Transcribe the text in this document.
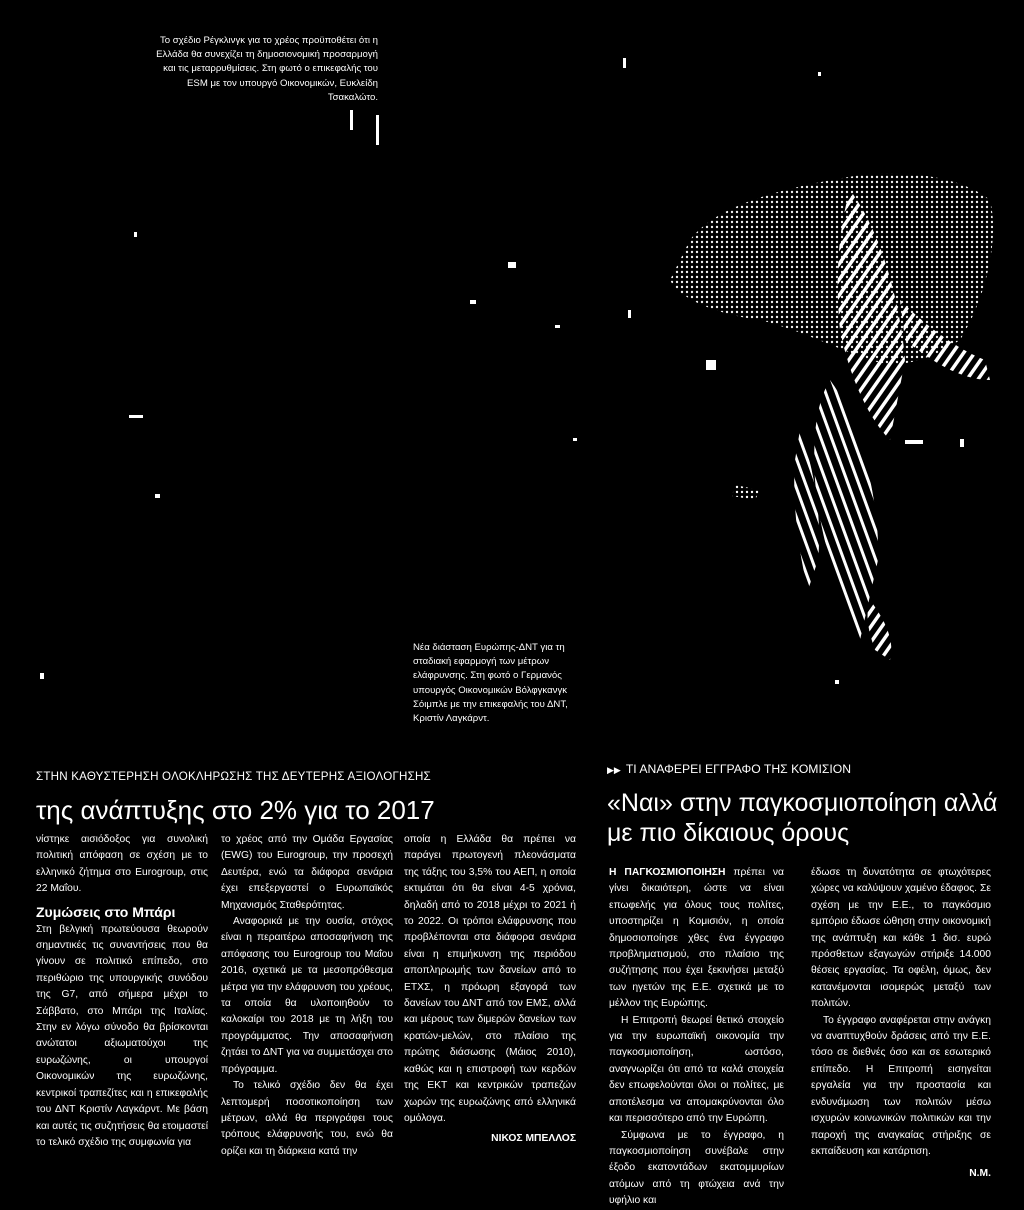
Το σχέδιο Ρέγκλινγκ για το χρέος προϋποθέτει ότι η Ελλάδα θα συνεχίζει τη δημοσιονομική προσαρμογή και τις μεταρρυθμίσεις. Στη φωτό ο επικεφαλής του ESM με τον υπουργό Οικονομικών, Ευκλείδη Τσακαλώτο.
Νέα διάσταση Ευρώπης-ΔΝΤ για τη σταδιακή εφαρμογή των μέτρων ελάφρυνσης. Στη φωτό ο Γερμανός υπουργός Οικονομικών Βόλφγκανγκ Σόιμπλε με την επικεφαλής του ΔΝΤ, Κριστίν Λαγκάρντ.
ΣΤΗΝ ΚΑΘΥΣΤΕΡΗΣΗ ΟΛΟΚΛΗΡΩΣΗΣ ΤΗΣ ΔΕΥΤΕΡΗΣ ΑΞΙΟΛΟΓΗΣΗΣ
της ανάπτυξης στο 2% για το 2017

νίστηκε αισιόδοξος για συνολική πολιτική απόφαση σε σχέση με το ελληνικό ζήτημα στο Eurogroup, στις 22 Μαΐου.

Ζυμώσεις στο Μπάρι

Στη βελγική πρωτεύουσα θεωρούν σημαντικές τις συναντήσεις που θα γίνουν σε πολιτικό επίπεδο, στο περιθώριο της υπουργικής συνόδου της G7, από σήμερα μέχρι το Σάββατο, στο Μπάρι της Ιταλίας. Στην εν λόγω σύνοδο θα βρίσκονται ανώτατοι αξιωματούχοι της ευρωζώνης, οι υπουργοί Οικονομικών της ευρωζώνης, κεντρικοί τραπεζίτες και η επικεφαλής του ΔΝΤ Κριστίν Λαγκάρντ. Με βάση και αυτές τις συζητήσεις θα ετοιμαστεί το τελικό σχέδιο της συμφωνία για

το χρέος από την Ομάδα Εργασίας (EWG) του Eurogroup, την προσεχή Δευτέρα, ενώ τα διάφορα σενάρια έχει επεξεργαστεί ο Ευρωπαϊκός Μηχανισμός Σταθερότητας.

Αναφορικά με την ουσία, στόχος είναι η περαιτέρω αποσαφήνιση της απόφασης του Eurogroup του Μαΐου 2016, σχετικά με τα μεσοπρόθεσμα μέτρα για την ελάφρυνση του χρέους, τα οποία θα υλοποιηθούν το καλοκαίρι του 2018 με τη λήξη του προγράμματος. Την αποσαφήνιση ζητάει το ΔΝΤ για να συμμετάσχει στο πρόγραμμα.

Το τελικό σχέδιο δεν θα έχει λεπτομερή ποσοτικοποίηση των μέτρων, αλλά θα περιγράφει τους τρόπους ελάφρυνσής του, ενώ θα ορίζει και τη διάρκεια κατά την

οποία η Ελλάδα θα πρέπει να παράγει πρωτογενή πλεονάσματα της τάξης του 3,5% του ΑΕΠ, η οποία εκτιμάται ότι θα είναι 4-5 χρόνια, δηλαδή από το 2018 μέχρι το 2021 ή το 2022. Οι τρόποι ελάφρυνσης που προβλέπονται στα διάφορα σενάρια είναι η επιμήκυνση της περιόδου αποπληρωμής των δανείων από το ΕΤΧΣ, η πρόωρη εξαγορά των δανείων του ΔΝΤ από τον ΕΜΣ, αλλά και μέρους των διμερών δανείων των κρατών-μελών, στο πλαίσιο της πρώτης διάσωσης (Μάιος 2010), καθώς και η επιστροφή των κερδών της ΕΚΤ και κεντρικών τραπεζών χωρών της ευρωζώνης από ελληνικά ομόλογα.

ΝΙΚΟΣ ΜΠΕΛΛΟΣ

▶▶ ΤΙ ΑΝΑΦΕΡΕΙ ΕΓΓΡΑΦΟ ΤΗΣ ΚΟΜΙΣΙΟΝ
«Ναι» στην παγκοσμιοποίηση αλλά με πιο δίκαιους όρους

Η ΠΑΓΚΟΣΜΙΟΠΟΙΗΣΗ πρέπει να γίνει δικαιότερη, ώστε να είναι επωφελής για όλους τους πολίτες, υποστηρίζει η Κομισιόν, η οποία δημοσιοποίησε χθες ένα έγγραφο προβληματισμού, στο πλαίσιο της συζήτησης που έχει ξεκινήσει μεταξύ των ηγετών της Ε.Ε. σχετικά με το μέλλον της Ευρώπης.

Η Επιτροπή θεωρεί θετικό στοιχείο για την ευρωπαϊκή οικονομία την παγκοσμιοποίηση, ωστόσο, αναγνωρίζει ότι από τα καλά στοιχεία δεν επωφελούνται όλοι οι πολίτες, με αποτέλεσμα να απομακρύνονται όλο και περισσότερο από την Ευρώπη.

Σύμφωνα με το έγγραφο, η παγκοσμιοποίηση συνέβαλε στην έξοδο εκατοντάδων εκατομμυρίων ατόμων από τη φτώχεια ανά την υφήλιο και

έδωσε τη δυνατότητα σε φτωχότερες χώρες να καλύψουν χαμένο έδαφος. Σε σχέση με την Ε.Ε., το παγκόσμιο εμπόριο έδωσε ώθηση στην οικονομική της ανάπτυξη και κάθε 1 δισ. ευρώ πρόσθετων εξαγωγών στήριξε 14.000 θέσεις εργασίας. Τα οφέλη, όμως, δεν κατανέμονται ισομερώς μεταξύ των πολιτών.

Το έγγραφο αναφέρεται στην ανάγκη να αναπτυχθούν δράσεις από την Ε.Ε. τόσο σε διεθνές όσο και σε εσωτερικό επίπεδο. Η Επιτροπή εισηγείται εργαλεία για την προστασία και ενδυνάμωση των πολιτών μέσω ισχυρών κοινωνικών πολιτικών και την παροχή της αναγκαίας στήριξης σε εκπαίδευση και κατάρτιση.

Ν.Μ.
